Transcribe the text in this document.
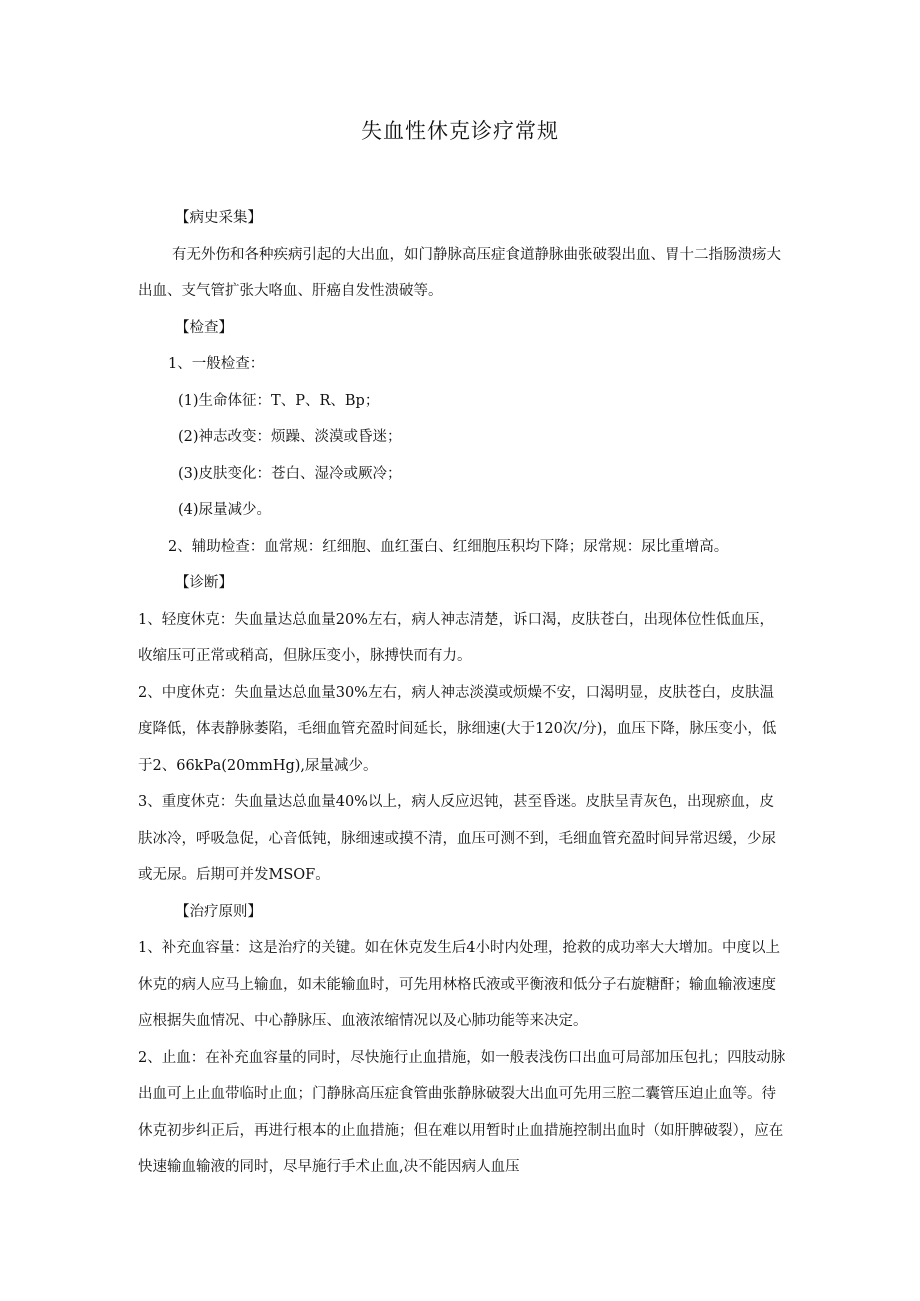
失血性休克诊疗常规

【病史采集】

有无外伤和各种疾病引起的大出血，如门静脉高压症食道静脉曲张破裂出血、胃十二指肠溃疡大出血、支气管扩张大咯血、肝癌自发性溃破等。

【检查】

1、一般检查：

(1)生命体征：T、P、R、Bp；

(2)神志改变：烦躁、淡漠或昏迷；

(3)皮肤变化：苍白、湿冷或厥冷；

(4)尿量减少。

2、辅助检查：血常规：红细胞、血红蛋白、红细胞压积均下降；尿常规：尿比重增高。

【诊断】

1、轻度休克：失血量达总血量20%左右，病人神志清楚，诉口渴，皮肤苍白，出现体位性低血压，收缩压可正常或稍高，但脉压变小，脉搏快而有力。

2、中度休克：失血量达总血量30%左右，病人神志淡漠或烦燥不安，口渴明显，皮肤苍白，皮肤温度降低，体表静脉萎陷，毛细血管充盈时间延长，脉细速(大于120次/分)，血压下降，脉压变小，低于2、66kPa(20mmHg),尿量减少。

3、重度休克：失血量达总血量40%以上，病人反应迟钝，甚至昏迷。皮肤呈青灰色，出现瘀血，皮肤冰冷，呼吸急促，心音低钝，脉细速或摸不清，血压可测不到，毛细血管充盈时间异常迟缓，少尿或无尿。后期可并发MSOF。

【治疗原则】

1、补充血容量：这是治疗的关键。如在休克发生后4小时内处理，抢救的成功率大大增加。中度以上休克的病人应马上输血，如未能输血时，可先用林格氏液或平衡液和低分子右旋糖酐；输血输液速度应根据失血情况、中心静脉压、血液浓缩情况以及心肺功能等来决定。

2、止血：在补充血容量的同时，尽快施行止血措施，如一般表浅伤口出血可局部加压包扎；四肢动脉出血可上止血带临时止血；门静脉高压症食管曲张静脉破裂大出血可先用三腔二囊管压迫止血等。待休克初步纠正后，再进行根本的止血措施；但在难以用暂时止血措施控制出血时（如肝脾破裂），应在快速输血输液的同时，尽早施行手术止血,决不能因病人血压
